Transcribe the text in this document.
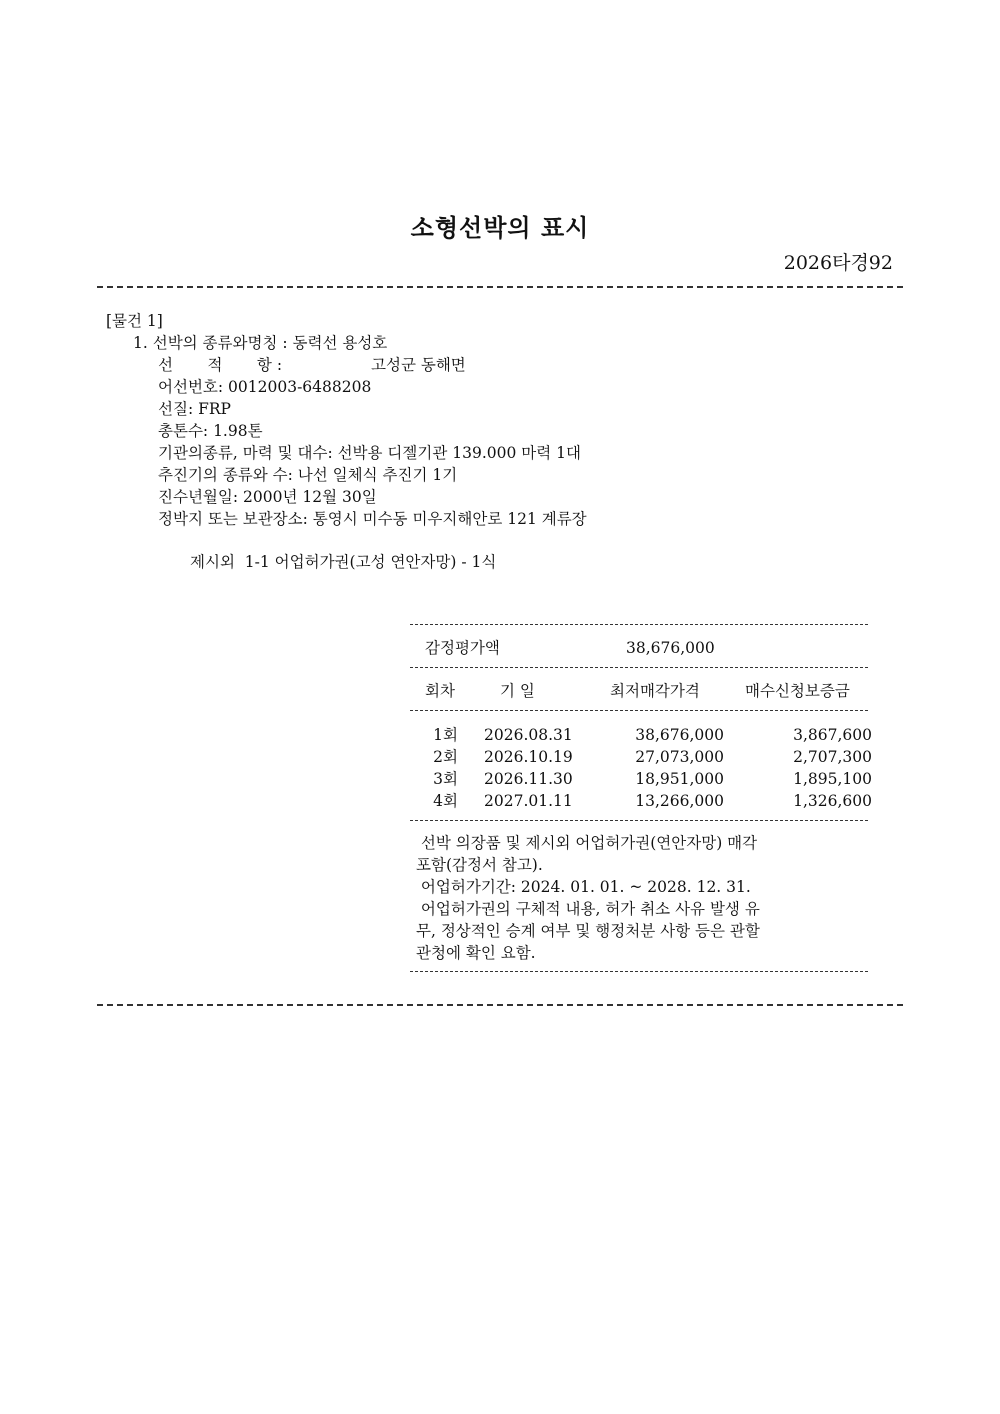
소형선박의 표시
2026타경92
[물건 1]
1. 선박의 종류와명칭 : 동력선 용성호
선       적       항 :	고성군 동해면
어선번호: 0012003-6488208
선질: FRP
총톤수: 1.98톤
기관의종류, 마력 및 대수: 선박용 디젤기관 139.000 마력 1대
추진기의 종류와 수: 나선 일체식 추진기 1기
진수년월일: 2000년 12월 30일
정박지 또는 보관장소: 통영시 미수동 미우지해안로 121 계류장
제시외  1-1 어업허가권(고성 연안자망) - 1식
감정평가액	38,676,000
회차	기 일	최저매각가격	매수신청보증금
1회 2026.08.31	38,676,000	3,867,600
2회 2026.10.19	27,073,000	2,707,300
3회 2026.11.30	18,951,000	1,895,100
4회 2027.01.11	13,266,000	1,326,600
선박 의장품 및 제시외 어업허가권(연안자망) 매각
포함(감정서 참고).
어업허가기간: 2024. 01. 01. ~ 2028. 12. 31.
어업허가권의 구체적 내용, 허가 취소 사유 발생 유
무, 정상적인 승계 여부 및 행정처분 사항 등은 관할
관청에 확인 요함.
